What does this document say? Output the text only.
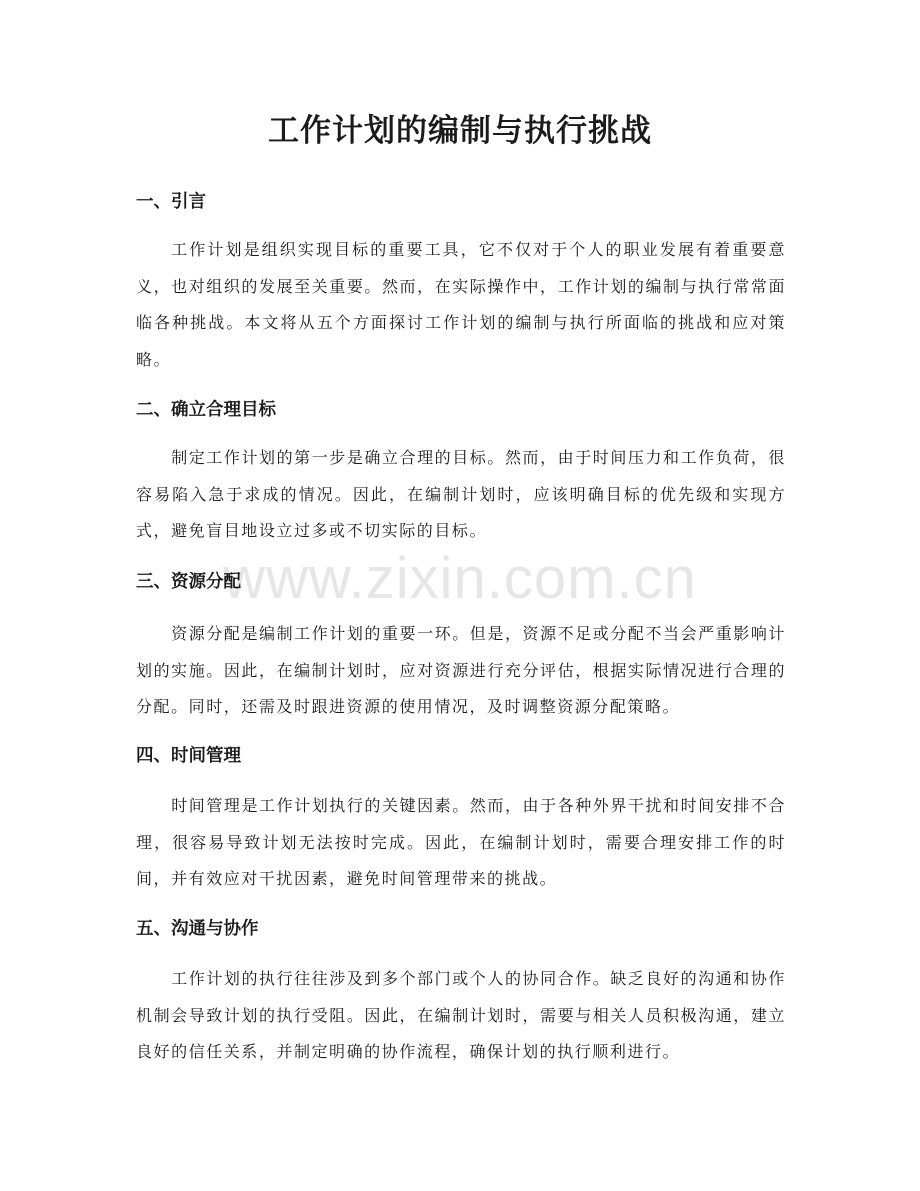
www.zixin.com.cn
工作计划的编制与执行挑战
一、引言

工作计划是组织实现目标的重要工具，它不仅对于个人的职业发展有着重要意义，也对组织的发展至关重要。然而，在实际操作中，工作计划的编制与执行常常面临各种挑战。本文将从五个方面探讨工作计划的编制与执行所面临的挑战和应对策略。

二、确立合理目标

制定工作计划的第一步是确立合理的目标。然而，由于时间压力和工作负荷，很容易陷入急于求成的情况。因此，在编制计划时，应该明确目标的优先级和实现方式，避免盲目地设立过多或不切实际的目标。

三、资源分配

资源分配是编制工作计划的重要一环。但是，资源不足或分配不当会严重影响计划的实施。因此，在编制计划时，应对资源进行充分评估，根据实际情况进行合理的分配。同时，还需及时跟进资源的使用情况，及时调整资源分配策略。

四、时间管理

时间管理是工作计划执行的关键因素。然而，由于各种外界干扰和时间安排不合理，很容易导致计划无法按时完成。因此，在编制计划时，需要合理安排工作的时间，并有效应对干扰因素，避免时间管理带来的挑战。

五、沟通与协作

工作计划的执行往往涉及到多个部门或个人的协同合作。缺乏良好的沟通和协作机制会导致计划的执行受阻。因此，在编制计划时，需要与相关人员积极沟通，建立良好的信任关系，并制定明确的协作流程，确保计划的执行顺利进行。
